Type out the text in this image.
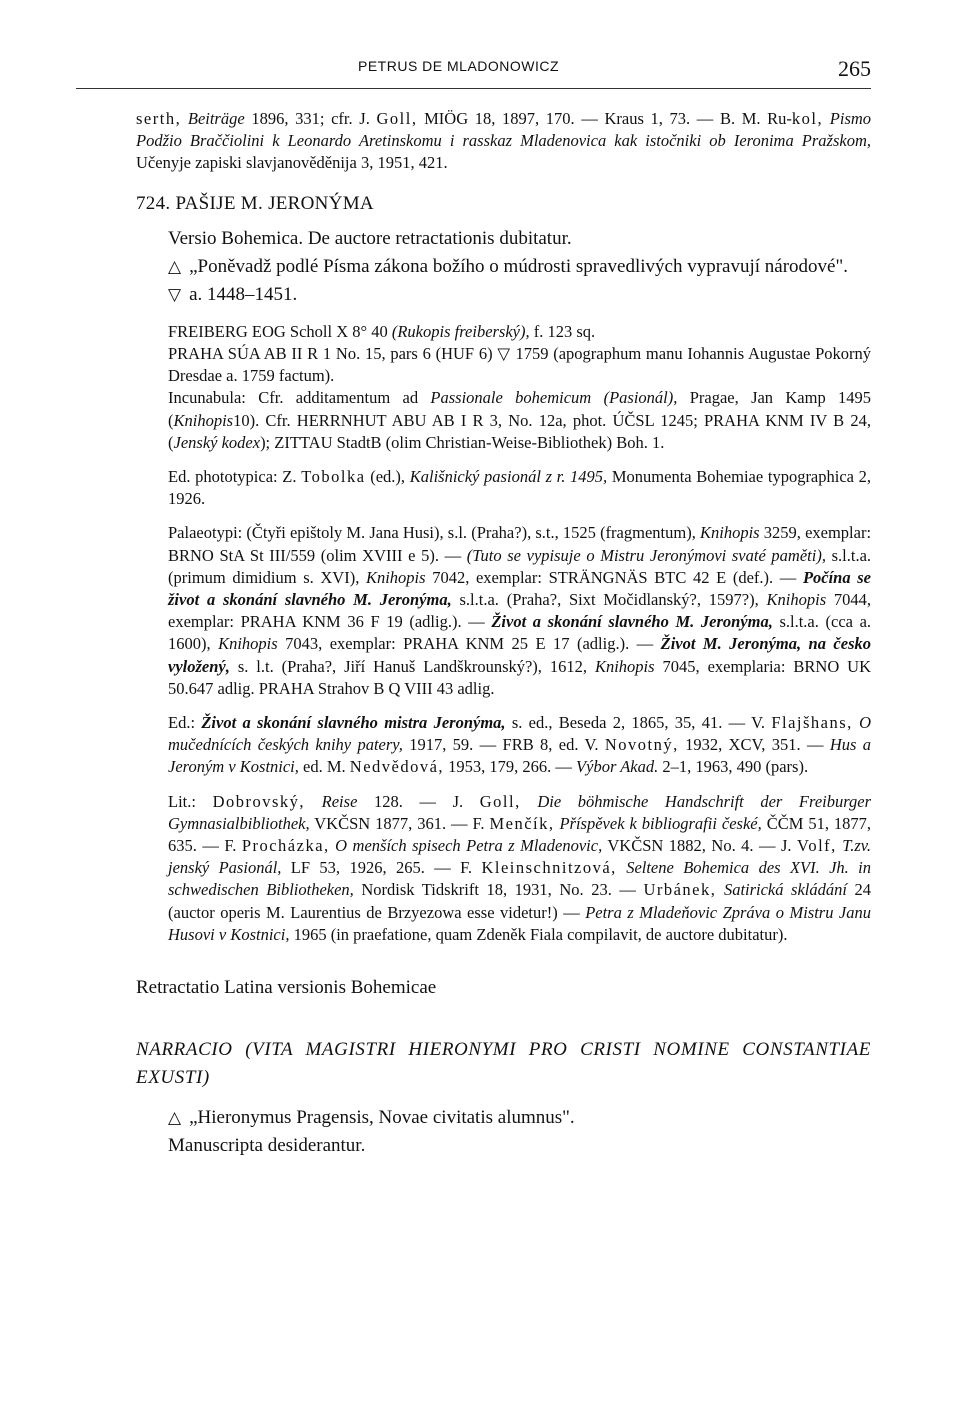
PETRUS DE MLADONOWICZ	265

serth, Beiträge 1896, 331; cfr. J. Goll, MIÖG 18, 1897, 170. — Kraus 1, 73. — B. M. Ru-kol, Pismo Podžio Braččiolini k Leonardo Aretinskomu i rasskaz Mladenovica kak istočniki ob Ieronima Pražskom, Učenyje zapiski slavjanověděnija 3, 1951, 421.

724. PAŠIJE M. JERONÝMA

Versio Bohemica. De auctore retractationis dubitatur.

△ „Poněvadž podlé Písma zákona božího o múdrosti spravedlivých vypravují národové".

▽ a. 1448–1451.

FREIBERG EOG Scholl X 8° 40 (Rukopis freiberský), f. 123 sq.

PRAHA SÚA AB II R 1 No. 15, pars 6 (HUF 6) ▽ 1759 (apographum manu Iohannis Augustae Pokorný Dresdae a. 1759 factum).

Incunabula: Cfr. additamentum ad Passionale bohemicum (Pasionál), Pragae, Jan Kamp 1495 (Knihopis10). Cfr. HERRNHUT ABU AB I R 3, No. 12a, phot. ÚČSL 1245; PRAHA KNM IV B 24, (Jenský kodex); ZITTAU StadtB (olim Christian-Weise-Bibliothek) Boh. 1.

Ed. phototypica: Z. Tobolka (ed.), Kališnický pasionál z r. 1495, Monumenta Bohemiae typographica 2, 1926.

Palaeotypi: (Čtyři epištoly M. Jana Husi), s.l. (Praha?), s.t., 1525 (fragmentum), Knihopis 3259, exemplar: BRNO StA St III/559 (olim XVIII e 5). — (Tuto se vypisuje o Mistru Jeronýmovi svaté paměti), s.l.t.a. (primum dimidium s. XVI), Knihopis 7042, exemplar: STRÄNGNÄS BTC 42 E (def.). — Počína se život a skonání slavného M. Jeronýma, s.l.t.a. (Praha?, Sixt Močidlanský?, 1597?), Knihopis 7044, exemplar: PRAHA KNM 36 F 19 (adlig.). — Život a skonání slavného M. Jeronýma, s.l.t.a. (cca a. 1600), Knihopis 7043, exemplar: PRAHA KNM 25 E 17 (adlig.). — Život M. Jeronýma, na česko vyložený, s. l.t. (Praha?, Jiří Hanuš Landškrounský?), 1612, Knihopis 7045, exemplaria: BRNO UK 50.647 adlig. PRAHA Strahov B Q VIII 43 adlig.

Ed.: Život a skonání slavného mistra Jeronýma, s. ed., Beseda 2, 1865, 35, 41. — V. Flajšhans, O mučednících českých knihy patery, 1917, 59. — FRB 8, ed. V. Novotný, 1932, XCV, 351. — Hus a Jeroným v Kostnici, ed. M. Nedvědová, 1953, 179, 266. — Výbor Akad. 2–1, 1963, 490 (pars).

Lit.: Dobrovský, Reise 128. — J. Goll, Die böhmische Handschrift der Freiburger Gymnasialbibliothek, VKČSN 1877, 361. — F. Menčík, Příspěvek k bibliografii české, ČČM 51, 1877, 635. — F. Procházka, O menších spisech Petra z Mladenovic, VKČSN 1882, No. 4. — J. Volf, T.zv. jenský Pasionál, LF 53, 1926, 265. — F. Kleinschnitzová, Seltene Bohemica des XVI. Jh. in schwedischen Bibliotheken, Nordisk Tidskrift 18, 1931, No. 23. — Urbánek, Satirická skládání 24 (auctor operis M. Laurentius de Brzyezowa esse videtur!) — Petra z Mladeňovic Zpráva o Mistru Janu Husovi v Kostnici, 1965 (in praefatione, quam Zdeněk Fiala compilavit, de auctore dubitatur).

Retractatio Latina versionis Bohemicae

NARRACIO (VITA MAGISTRI HIERONYMI PRO CRISTI NOMINE CONSTANTIAE EXUSTI)

△ „Hieronymus Pragensis, Novae civitatis alumnus".

Manuscripta desiderantur.
